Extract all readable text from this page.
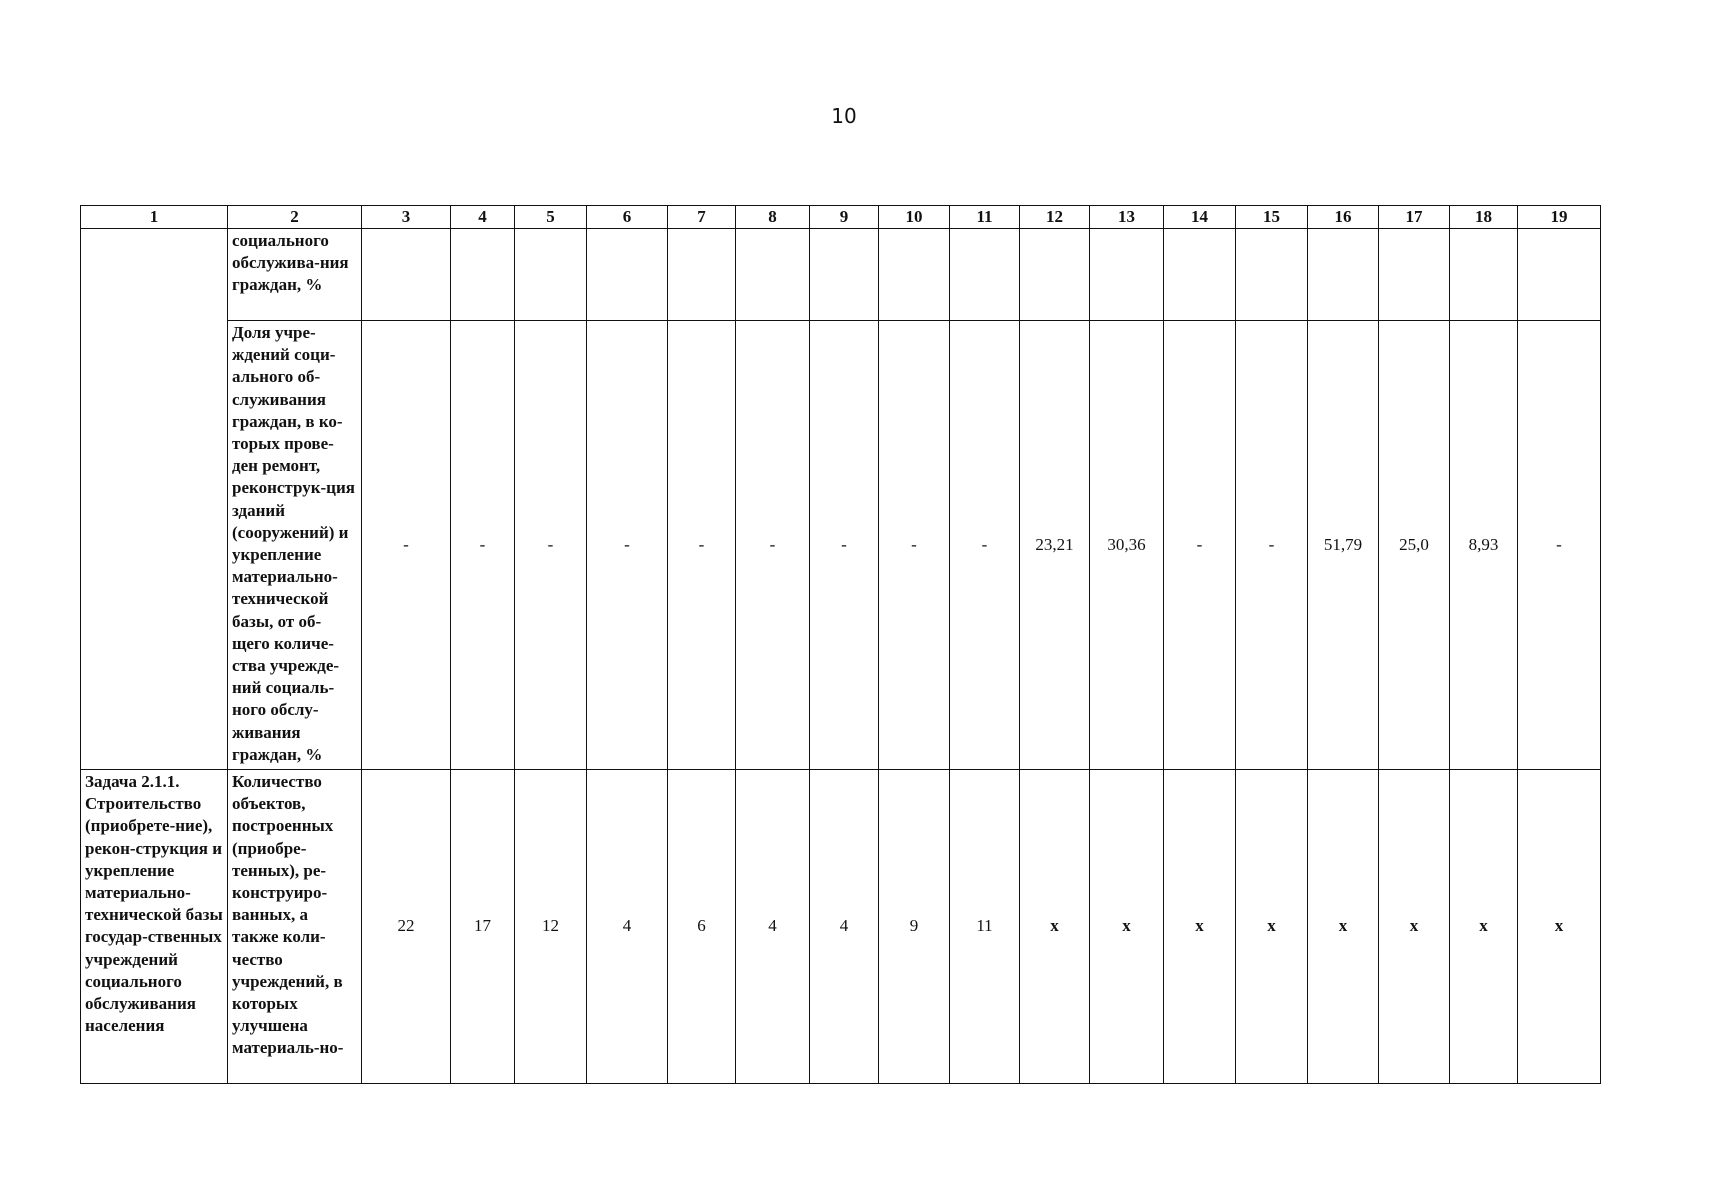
10
1	2	3	4	5	6	7	8	9	10	11	12	13	14	15	16	17	18	19
	социального обслужива-ния граждан, %																	
	Доля учре-ждений соци-ального об-служивания граждан, в ко-торых прове-ден ремонт, реконструк-ция зданий (сооружений) и укрепление материально-технической базы, от об-щего количе-ства учрежде-ний социаль-ного обслу-живания граждан, %	-	-	-	-	-	-	-	-	-	23,21	30,36	-	-	51,79	25,0	8,93	-
Задача 2.1.1. Строительство (приобрете-ние), рекон-струкция и укрепление материально-технической базы государ-ственных учреждений социального обслуживания населения	Количество объектов, построенных (приобре-тенных), ре-конструиро-ванных, а также коли-чество учреждений, в которых улучшена материаль-но-	22	17	12	4	6	4	4	9	11	x	x	x	x	x	x	x	x
